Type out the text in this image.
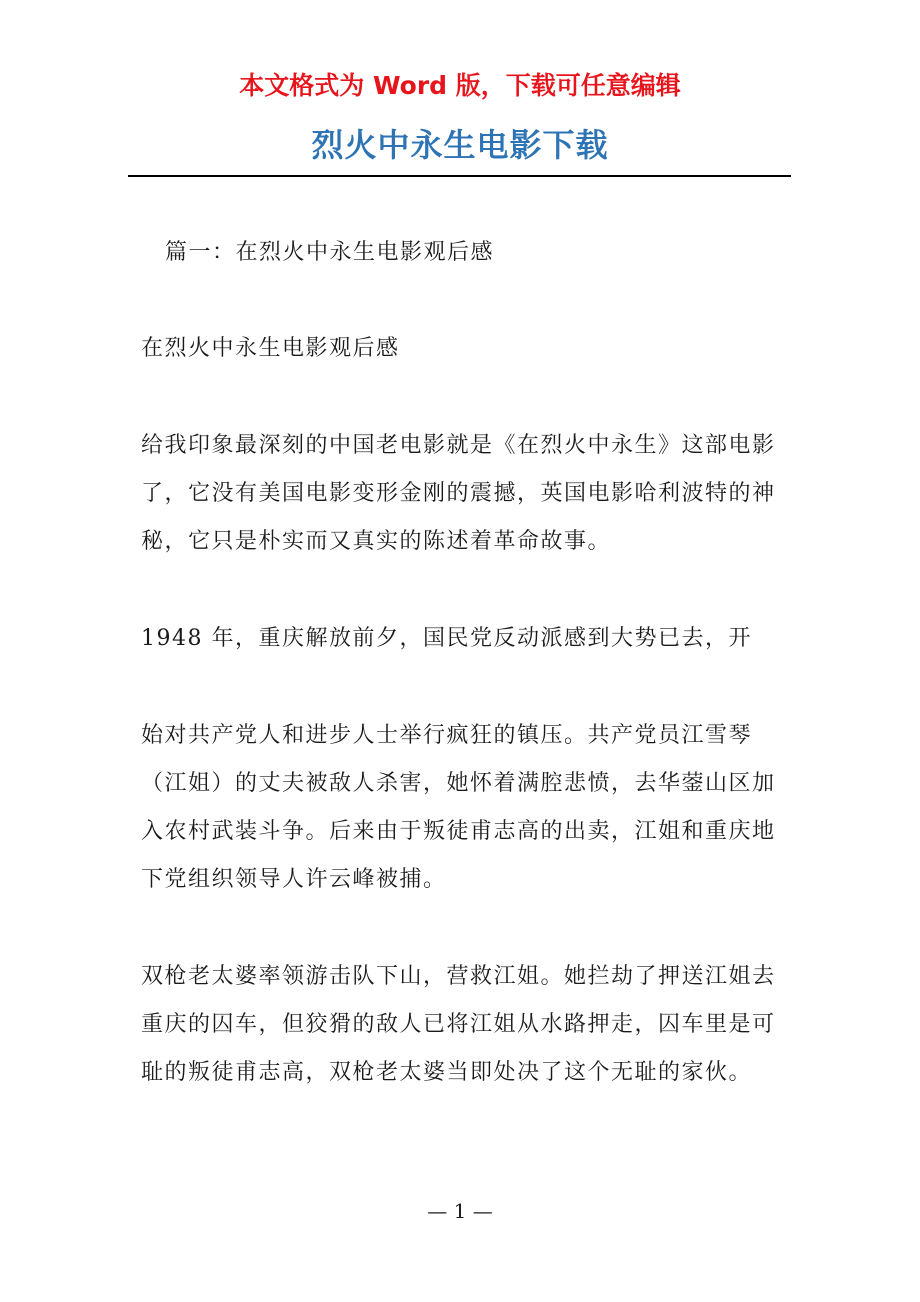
本文格式为 Word 版，下载可任意编辑
烈火中永生电影下载

篇一：在烈火中永生电影观后感

在烈火中永生电影观后感

给我印象最深刻的中国老电影就是《在烈火中永生》这部电影了，它没有美国电影变形金刚的震撼，英国电影哈利波特的神秘，它只是朴实而又真实的陈述着革命故事。

1948 年，重庆解放前夕，国民党反动派感到大势已去，开

始对共产党人和进步人士举行疯狂的镇压。共产党员江雪琴（江姐）的丈夫被敌人杀害，她怀着满腔悲愤，去华蓥山区加入农村武装斗争。后来由于叛徒甫志高的出卖，江姐和重庆地下党组织领导人许云峰被捕。

双枪老太婆率领游击队下山，营救江姐。她拦劫了押送江姐去重庆的囚车，但狡猾的敌人已将江姐从水路押走，囚车里是可耻的叛徒甫志高，双枪老太婆当即处决了这个无耻的家伙。

— 1 —
